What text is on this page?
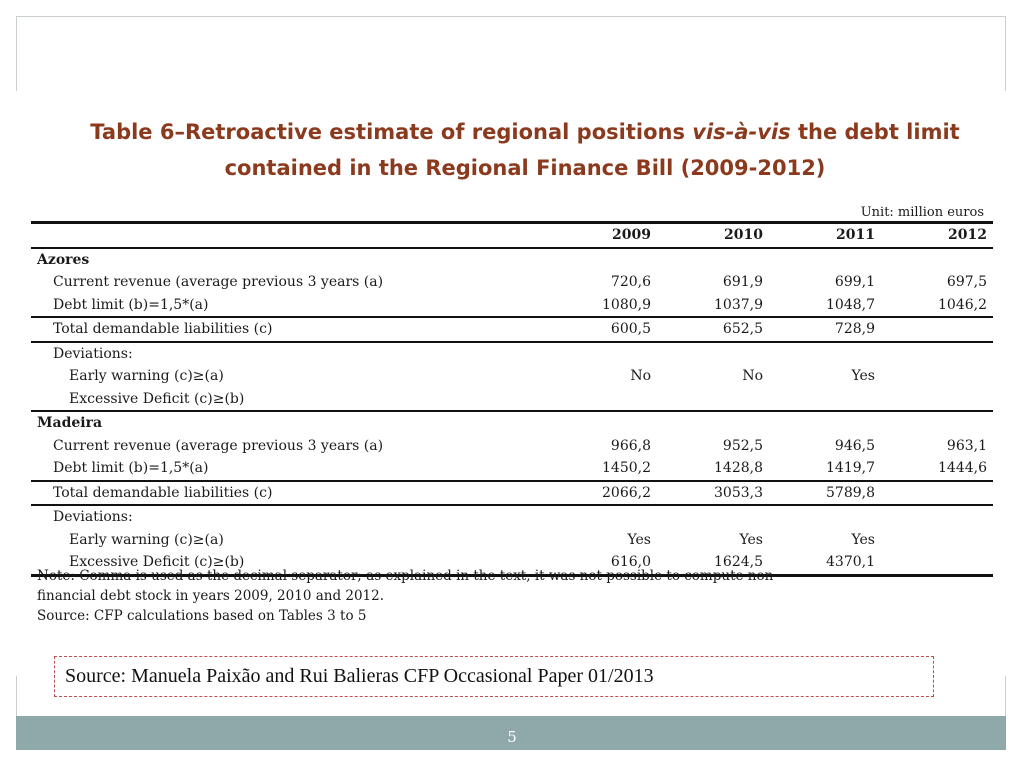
Table 6–Retroactive estimate of regional positions vis-à-vis the debt limit
contained in the Regional Finance Bill (2009-2012)
Unit: million euros
	2009	2010	2011	2012
Azores				
Current revenue (average previous 3 years (a)	720,6	691,9	699,1	697,5
Debt limit (b)=1,5*(a)	1080,9	1037,9	1048,7	1046,2
Total demandable liabilities (c)	600,5	652,5	728,9	
Deviations:				
Early warning (c)≥(a)	No	No	Yes	
Excessive Deficit (c)≥(b)				
Madeira				
Current revenue (average previous 3 years (a)	966,8	952,5	946,5	963,1
Debt limit (b)=1,5*(a)	1450,2	1428,8	1419,7	1444,6
Total demandable liabilities (c)	2066,2	3053,3	5789,8	
Deviations:				
Early warning (c)≥(a)	Yes	Yes	Yes	
Excessive Deficit (c)≥(b)	616,0	1624,5	4370,1	
Note: Comma is used as the decimal separator; as explained in the text, it was not possible to compute non-
financial debt stock in years 2009, 2010 and 2012.
Source: CFP calculations based on Tables 3 to 5
Source: Manuela Paixão and Rui Balieras CFP Occasional Paper 01/2013
5
